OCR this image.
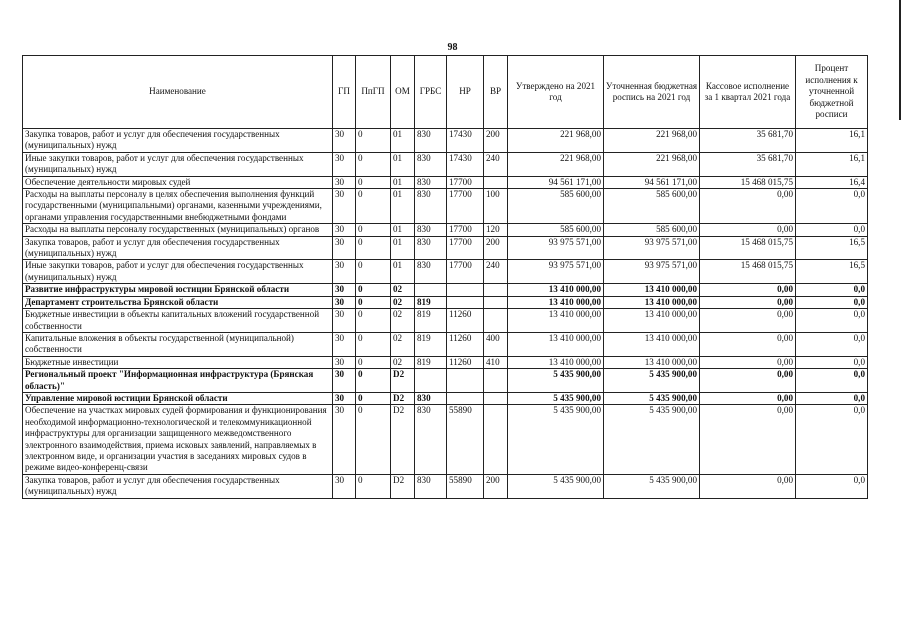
98
Наименование	ГП	ПпГП	ОМ	ГРБС	НР	ВР	Утверждено на 2021 год	Уточненная бюджетная роспись на 2021 год	Кассовое исполнение за 1 квартал 2021 года	Процент исполнения к уточненной бюджетной росписи
Закупка товаров, работ и услуг для обеспечения государственных (муниципальных) нужд	30	0	01	830	17430	200	221 968,00	221 968,00	35 681,70	16,1
Иные закупки товаров, работ и услуг для обеспечения государственных (муниципальных) нужд	30	0	01	830	17430	240	221 968,00	221 968,00	35 681,70	16,1
Обеспечение деятельности мировых судей	30	0	01	830	17700		94 561 171,00	94 561 171,00	15 468 015,75	16,4
Расходы на выплаты персоналу в целях обеспечения выполнения функций государственными (муниципальными) органами, казенными учреждениями, органами управления государственными внебюджетными фондами	30	0	01	830	17700	100	585 600,00	585 600,00	0,00	0,0
Расходы на выплаты персоналу государственных (муниципальных) органов	30	0	01	830	17700	120	585 600,00	585 600,00	0,00	0,0
Закупка товаров, работ и услуг для обеспечения государственных (муниципальных) нужд	30	0	01	830	17700	200	93 975 571,00	93 975 571,00	15 468 015,75	16,5
Иные закупки товаров, работ и услуг для обеспечения государственных (муниципальных) нужд	30	0	01	830	17700	240	93 975 571,00	93 975 571,00	15 468 015,75	16,5
Развитие инфраструктуры мировой юстиции Брянской области	30	0	02				13 410 000,00	13 410 000,00	0,00	0,0
Департамент строительства Брянской области	30	0	02	819			13 410 000,00	13 410 000,00	0,00	0,0
Бюджетные инвестиции в объекты капитальных вложений государственной собственности	30	0	02	819	11260		13 410 000,00	13 410 000,00	0,00	0,0
Капитальные вложения в объекты государственной (муниципальной) собственности	30	0	02	819	11260	400	13 410 000,00	13 410 000,00	0,00	0,0
Бюджетные инвестиции	30	0	02	819	11260	410	13 410 000,00	13 410 000,00	0,00	0,0
Региональный проект "Информационная инфраструктура (Брянская область)"	30	0	D2				5 435 900,00	5 435 900,00	0,00	0,0
Управление мировой юстиции Брянской области	30	0	D2	830			5 435 900,00	5 435 900,00	0,00	0,0
Обеспечение на участках мировых судей формирования и функционирования необходимой информационно-технологической и телекоммуникационной инфраструктуры для организации защищенного межведомственного электронного взаимодействия, приема исковых заявлений, направляемых в электронном виде, и организации участия в заседаниях мировых судов в режиме видео-конференц-связи	30	0	D2	830	55890		5 435 900,00	5 435 900,00	0,00	0,0
Закупка товаров, работ и услуг для обеспечения государственных (муниципальных) нужд	30	0	D2	830	55890	200	5 435 900,00	5 435 900,00	0,00	0,0
